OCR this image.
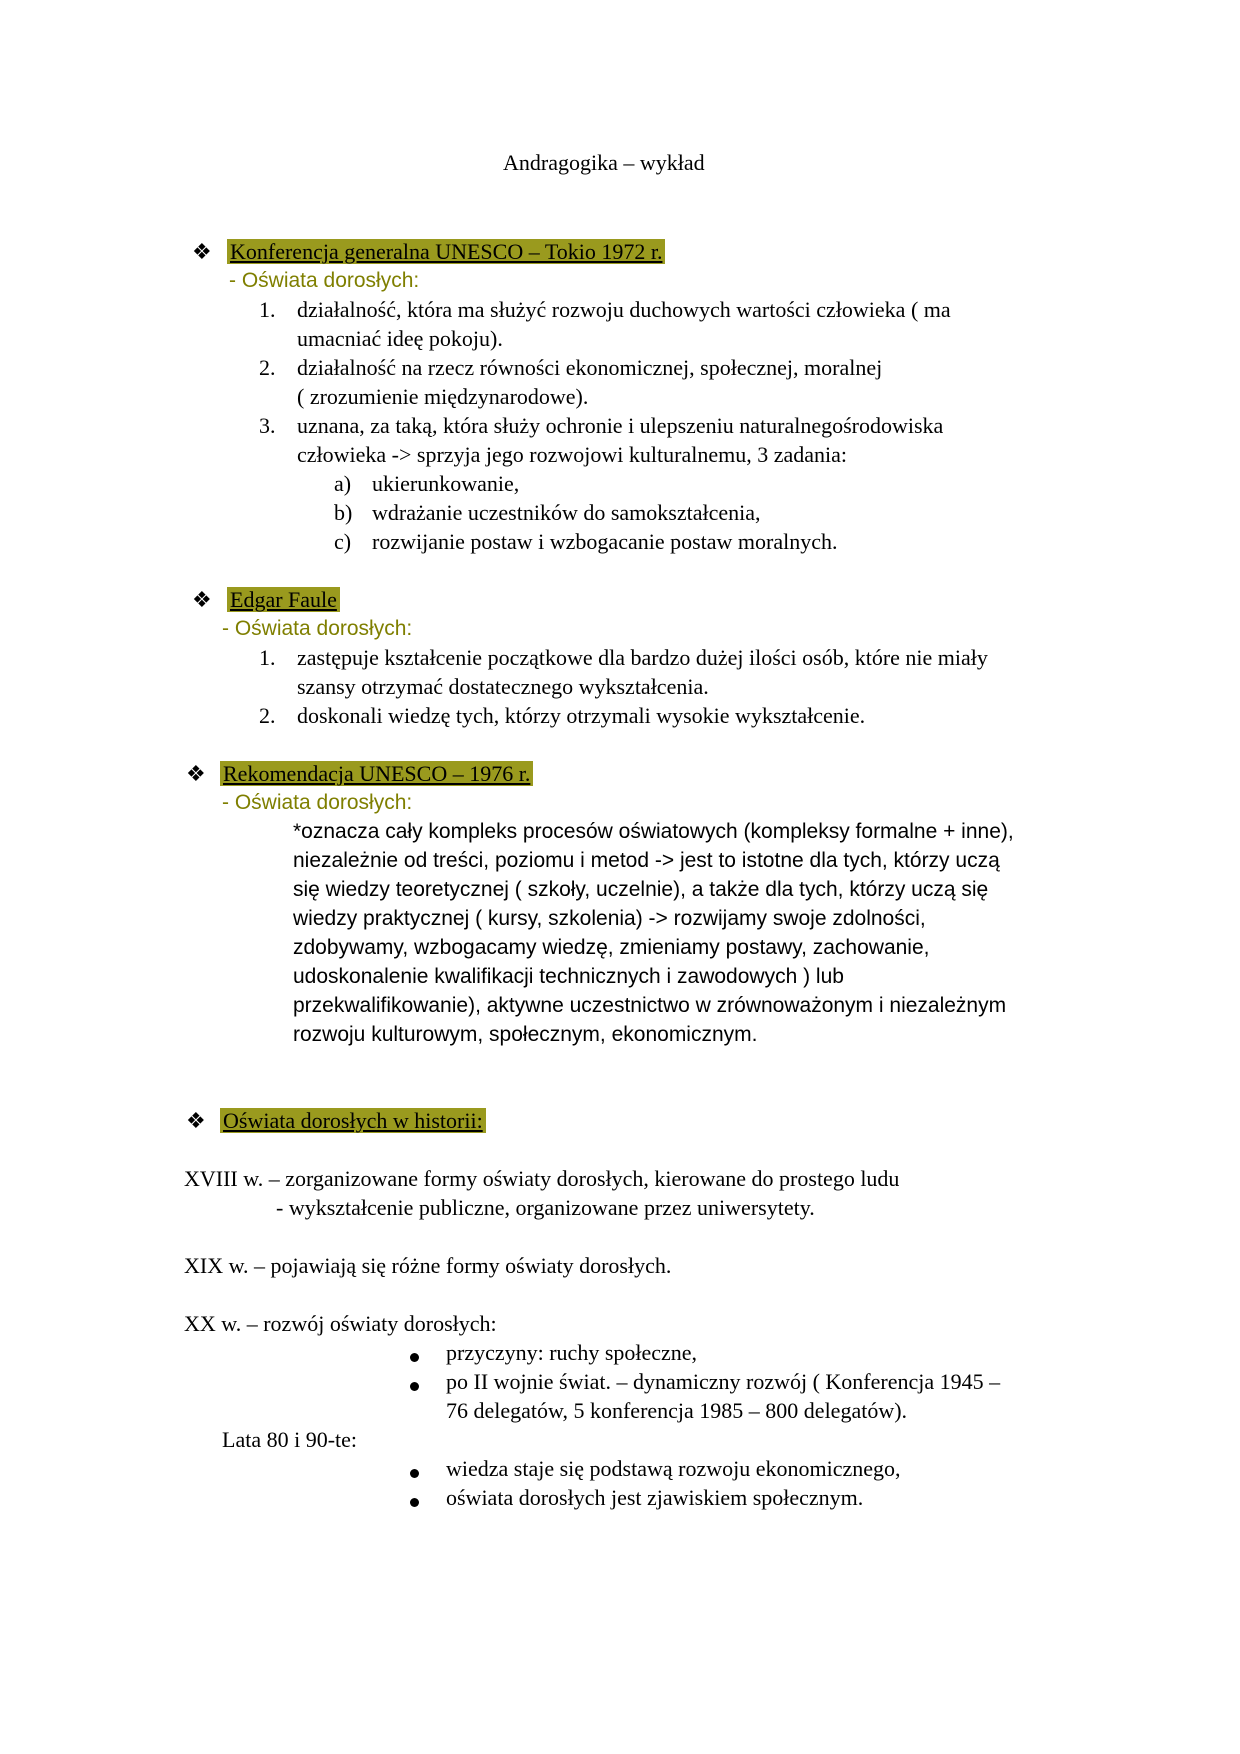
Andragogika – wykład
❖ Konferencja generalna UNESCO – Tokio 1972 r.
- Oświata dorosłych:
1. działalność, która ma służyć rozwoju duchowych wartości człowieka ( ma
umacniać ideę pokoju).
2. działalność na rzecz równości ekonomicznej, społecznej, moralnej
( zrozumienie międzynarodowe).
3. uznana, za taką, która służy ochronie i ulepszeniu naturalnegośrodowiska
człowieka -> sprzyja jego rozwojowi kulturalnemu, 3 zadania:
a) ukierunkowanie,
b) wdrażanie uczestników do samokształcenia,
c) rozwijanie postaw i wzbogacanie postaw moralnych.
❖ Edgar Faule
- Oświata dorosłych:
1. zastępuje kształcenie początkowe dla bardzo dużej ilości osób, które nie miały
szansy otrzymać dostatecznego wykształcenia.
2. doskonali wiedzę tych, którzy otrzymali wysokie wykształcenie.
❖ Rekomendacja UNESCO – 1976 r.
- Oświata dorosłych:
*oznacza cały kompleks procesów oświatowych (kompleksy formalne + inne),
niezależnie od treści, poziomu i metod -> jest to istotne dla tych, którzy uczą
się wiedzy teoretycznej ( szkoły, uczelnie), a także dla tych, którzy uczą się
wiedzy praktycznej ( kursy, szkolenia) -> rozwijamy swoje zdolności,
zdobywamy, wzbogacamy wiedzę, zmieniamy postawy, zachowanie,
udoskonalenie kwalifikacji technicznych i zawodowych ) lub
przekwalifikowanie), aktywne uczestnictwo w zrównoważonym i niezależnym
rozwoju kulturowym, społecznym, ekonomicznym.
❖ Oświata dorosłych w historii:
XVIII w. – zorganizowane formy oświaty dorosłych, kierowane do prostego ludu
- wykształcenie publiczne, organizowane przez uniwersytety.
XIX w. – pojawiają się różne formy oświaty dorosłych.
XX w. – rozwój oświaty dorosłych:
przyczyny: ruchy społeczne,
po II wojnie świat. – dynamiczny rozwój ( Konferencja 1945 –
76 delegatów, 5 konferencja 1985 – 800 delegatów).
Lata 80 i 90-te:
wiedza staje się podstawą rozwoju ekonomicznego,
oświata dorosłych jest zjawiskiem społecznym.
